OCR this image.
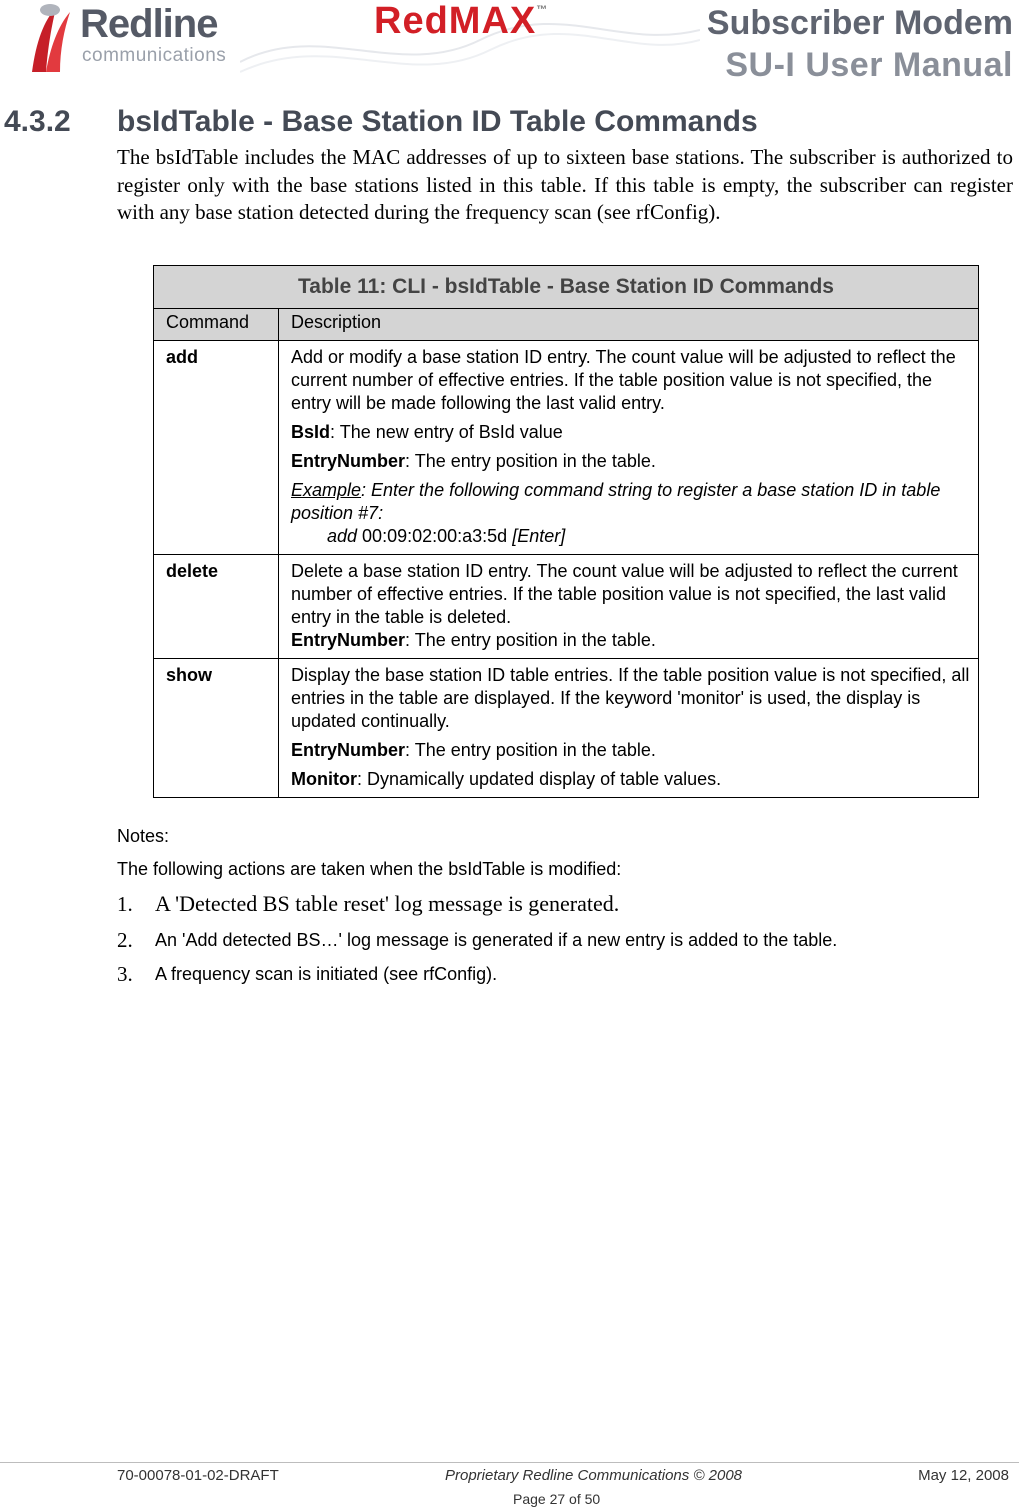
Redline
communications
RedMAX™	Subscriber Modem
SU-I User Manual
4.3.2 bsIdTable - Base Station ID Table Commands

The bsIdTable includes the MAC addresses of up to sixteen base stations. The subscriber is authorized to register only with the base stations listed in this table. If this table is empty, the subscriber can register with any base station detected during the frequency scan (see rfConfig).

Table 11: CLI - bsIdTable - Base Station ID Commands	
Command	Description
add	Add or modify a base station ID entry. The count value will be adjusted to reflect the current number of effective entries. If the table position value is not specified, the entry will be made following the last valid entry.

BsId: The new entry of BsId value

EntryNumber: The entry position in the table.

Example: Enter the following command string to register a base station ID in table position #7:

add 00:09:02:00:a3:5d [Enter]

delete	Delete a base station ID entry. The count value will be adjusted to reflect the current number of effective entries. If the table position value is not specified, the last valid entry in the table is deleted.

EntryNumber: The entry position in the table.

show	Display the base station ID table entries. If the table position value is not specified, all entries in the table are displayed. If the keyword 'monitor' is used, the display is updated continually.

EntryNumber: The entry position in the table.

Monitor: Dynamically updated display of table values.

Notes:
The following actions are taken when the bsIdTable is modified:
1. A 'Detected BS table reset' log message is generated.
2. An 'Add detected BS…' log message is generated if a new entry is added to the table.
3. A frequency scan is initiated (see rfConfig).
70-00078-01-02-DRAFT	Proprietary Redline Communications © 2008	May 12, 2008
Page 27 of 50
